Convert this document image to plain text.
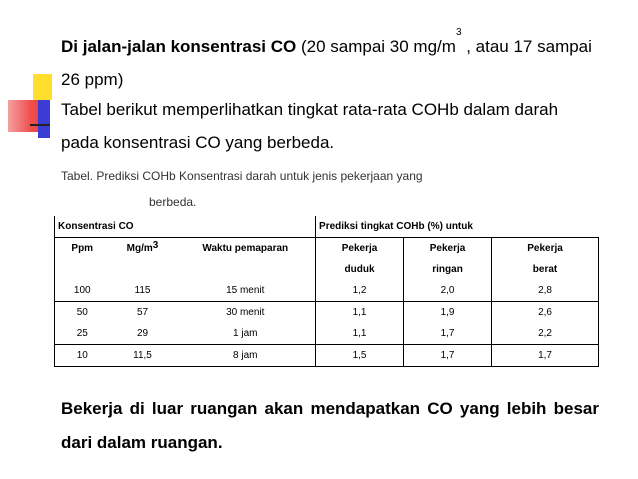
Di jalan-jalan konsentrasi CO (20 sampai 30 $mg/m^3$ , atau 17 sampai 26 ppm)
Tabel berikut memperlihatkan tingkat rata-rata COHb dalam darah pada konsentrasi CO yang berbeda.
Tabel. Prediksi COHb Konsentrasi darah untuk jenis pekerjaan yang
berbeda.
Konsentrasi CO			Prediksi tingkat COHb (%) untuk		
Ppm	$Mg/m^3$	Waktu pemaparan	Pekerja	Pekerja	Pekerja
			duduk	ringan	berat
100	115	15 menit	1,2	2,0	2,8
50	57	30 menit	1,1	1,9	2,6
25	29	1 jam	1,1	1,7	2,2
10	11,5	8 jam	1,5	1,7	1,7
Bekerja di luar ruangan akan mendapatkan CO yang lebih besar dari dalam ruangan.
